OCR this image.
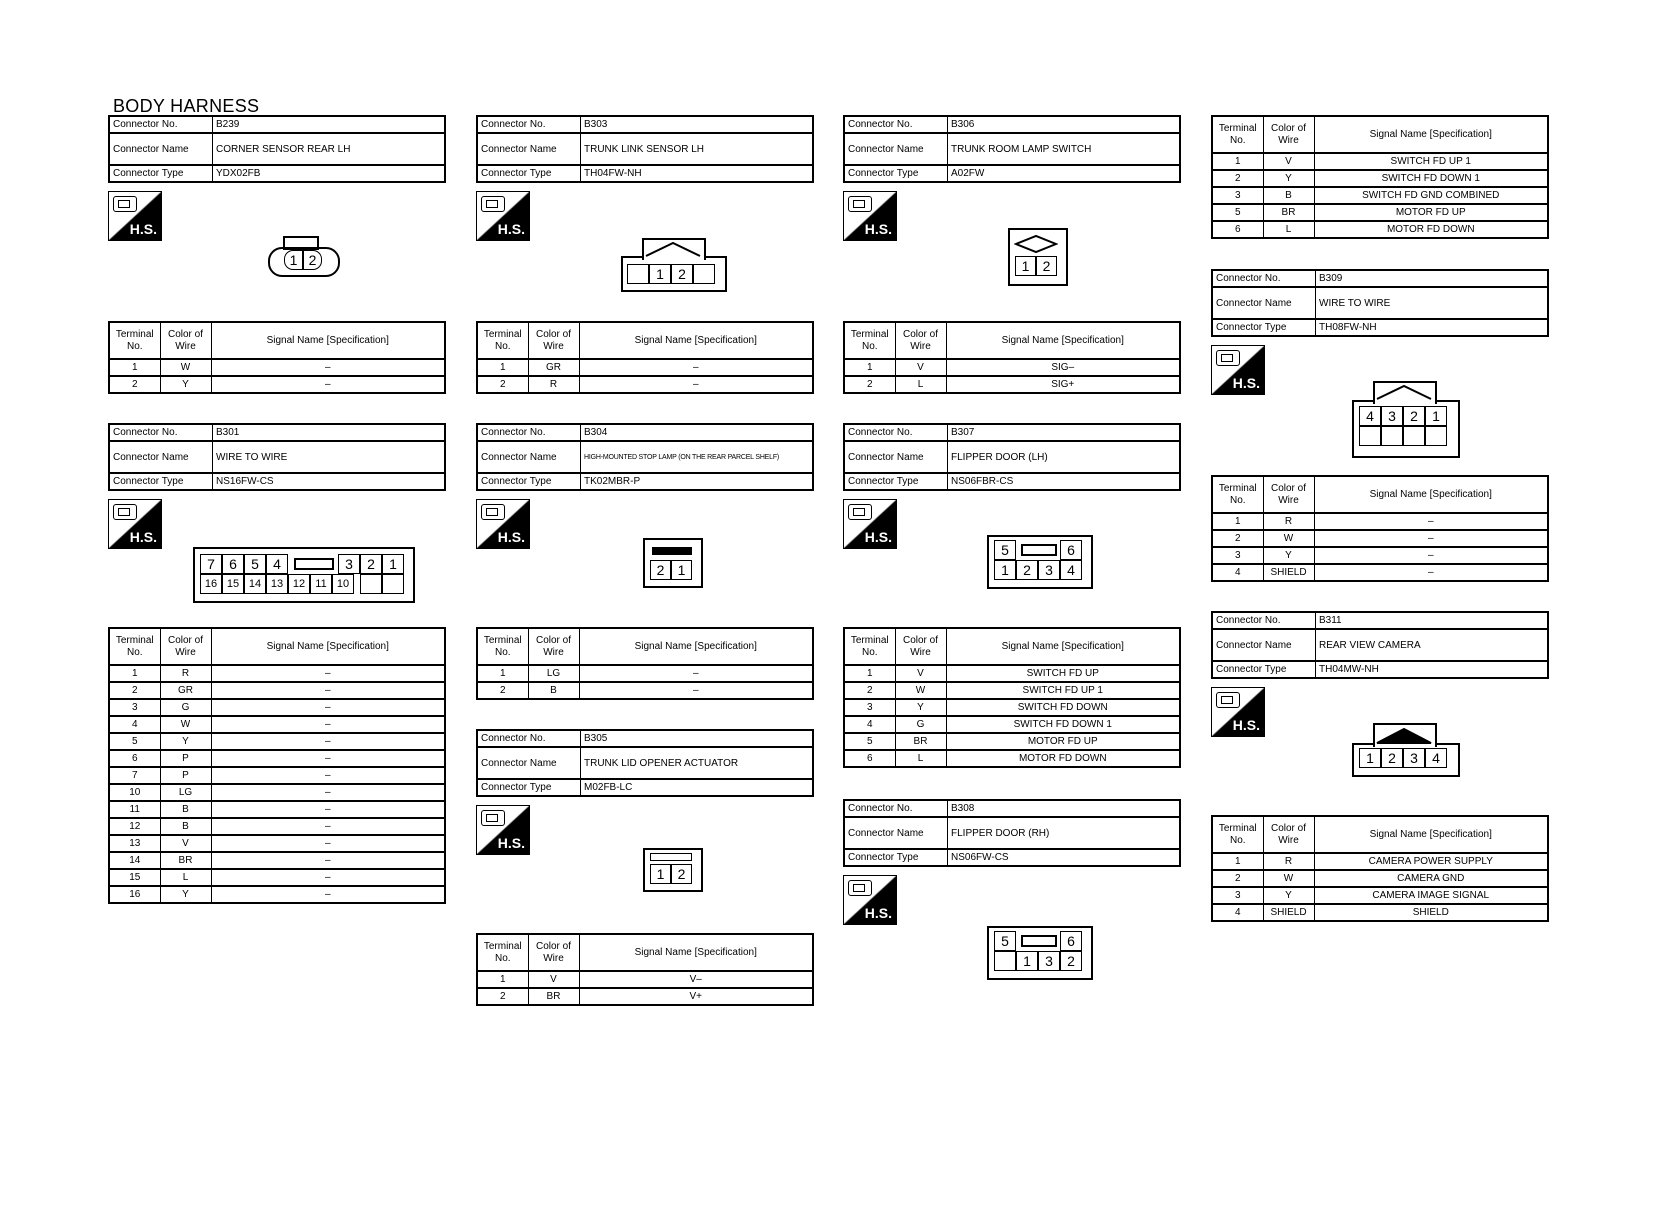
BODY HARNESS
Connector No.	B239
Connector Name	CORNER SENSOR REAR LH
Connector Type	YDX02FB
H.S.
1 2
Terminal No.	Color of Wire	Signal Name [Specification]
1	W	–
2	Y	–
Connector No.	B301
Connector Name	WIRE TO WIRE
Connector Type	NS16FW-CS
H.S.
7	6	5	4	3	2	1
16 15 14 13 12 11 10
Terminal No.	Color of Wire	Signal Name [Specification]
1	R	–
2	GR	–
3	G	–
4	W	–
5	Y	–
6	P	–
7	P	–
10	LG	–
11	B	–
12	B	–
13	V	–
14	BR	–
15	L	–
16	Y	–
Connector No.	B303
Connector Name	TRUNK LINK SENSOR LH
Connector Type	TH04FW-NH
H.S.
1	2
Terminal No.	Color of Wire	Signal Name [Specification]
1	GR	–
2	R	–
Connector No.	B304
Connector Name	HIGH-MOUNTED STOP LAMP (ON THE REAR PARCEL SHELF)
Connector Type	TK02MBR-P
H.S.
2 1
Terminal No.	Color of Wire	Signal Name [Specification]
1	LG	–
2	B	–
Connector No.	B305
Connector Name	TRUNK LID OPENER ACTUATOR
Connector Type	M02FB-LC
H.S.
1 2
Terminal No.	Color of Wire	Signal Name [Specification]
1	V	V–
2	BR	V+
Connector No.	B306
Connector Name	TRUNK ROOM LAMP SWITCH
Connector Type	A02FW
H.S.
1 2
Terminal No.	Color of Wire	Signal Name [Specification]
1	V	SIG–
2	L	SIG+
Connector No.	B307
Connector Name	FLIPPER DOOR (LH)
Connector Type	NS06FBR-CS
H.S.
5	6
1	2	3	4
Terminal No.	Color of Wire	Signal Name [Specification]
1	V	SWITCH FD UP
2	W	SWITCH FD UP 1
3	Y	SWITCH FD DOWN
4	G	SWITCH FD DOWN 1
5	BR	MOTOR FD UP
6	L	MOTOR FD DOWN
Connector No.	B308
Connector Name	FLIPPER DOOR (RH)
Connector Type	NS06FW-CS
H.S.
5	6
1	3	2
Terminal No.	Color of Wire	Signal Name [Specification]
1	V	SWITCH FD UP 1
2	Y	SWITCH FD DOWN 1
3	B	SWITCH FD GND COMBINED
5	BR	MOTOR FD UP
6	L	MOTOR FD DOWN
Connector No.	B309
Connector Name	WIRE TO WIRE
Connector Type	TH08FW-NH
H.S.
4	3	2	1
Terminal No.	Color of Wire	Signal Name [Specification]
1	R	–
2	W	–
3	Y	–
4	SHIELD	–
Connector No.	B311
Connector Name	REAR VIEW CAMERA
Connector Type	TH04MW-NH
H.S.
1	2	3	4
Terminal No.	Color of Wire	Signal Name [Specification]
1	R	CAMERA POWER SUPPLY
2	W	CAMERA GND
3	Y	CAMERA IMAGE SIGNAL
4	SHIELD	SHIELD
